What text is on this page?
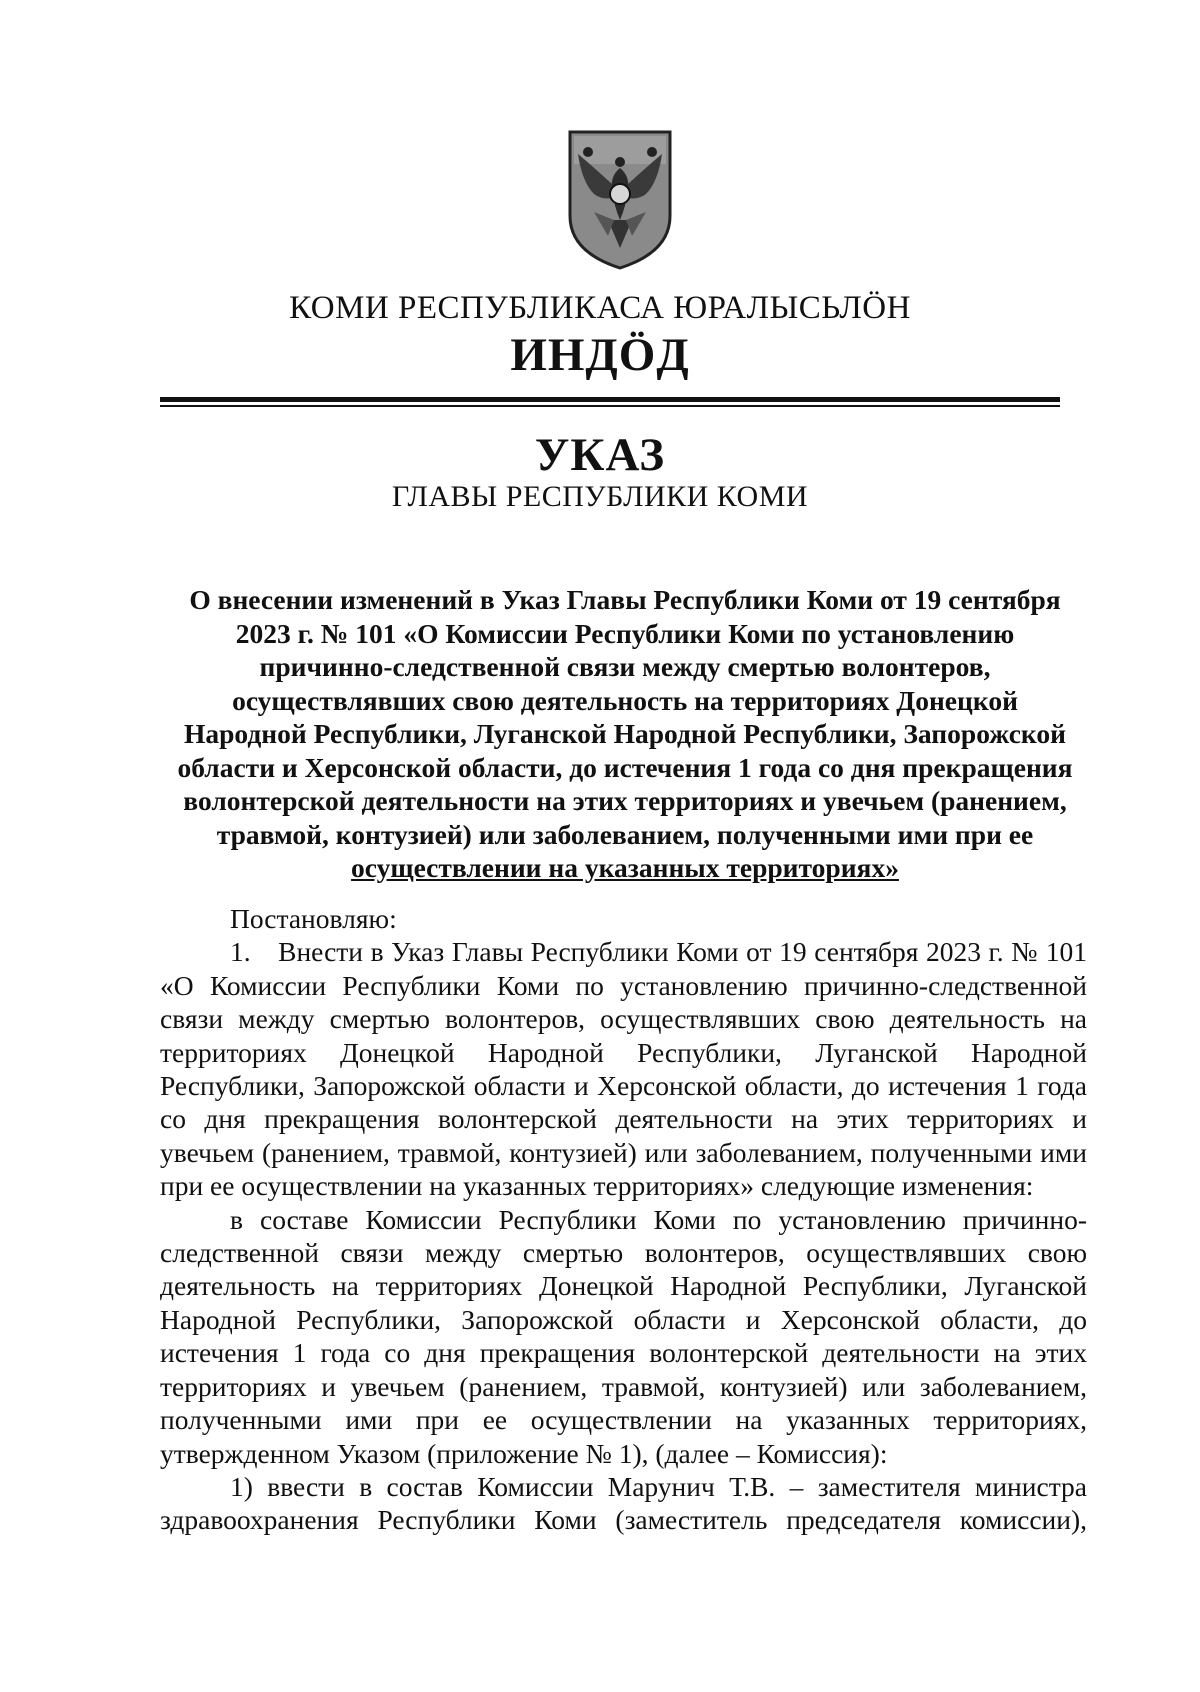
КОМИ РЕСПУБЛИКАСА ЮРАЛЫСЬЛÖН
ИНДÖД
УКАЗ
ГЛАВЫ РЕСПУБЛИКИ КОМИ
О внесении изменений в Указ Главы Республики Коми от 19 сентября
2023 г. № 101 «О Комиссии Республики Коми по установлению
причинно-следственной связи между смертью волонтеров,
осуществлявших свою деятельность на территориях Донецкой
Народной Республики, Луганской Народной Республики, Запорожской
области и Херсонской области, до истечения 1 года со дня прекращения
волонтерской деятельности на этих территориях и увечьем (ранением,
травмой, контузией) или заболеванием, полученными ими при ее
осуществлении на указанных территориях»

Постановляю:

1. Внести в Указ Главы Республики Коми от 19 сентября 2023 г. № 101 «О Комиссии Республики Коми по установлению причинно-следственной связи между смертью волонтеров, осуществлявших свою деятельность на территориях Донецкой Народной Республики, Луганской Народной Республики, Запорожской области и Херсонской области, до истечения 1 года со дня прекращения волонтерской деятельности на этих территориях и увечьем (ранением, травмой, контузией) или заболеванием, полученными ими при ее осуществлении на указанных территориях» следующие изменения:

в составе Комиссии Республики Коми по установлению причинно-следственной связи между смертью волонтеров, осуществлявших свою деятельность на территориях Донецкой Народной Республики, Луганской Народной Республики, Запорожской области и Херсонской области, до истечения 1 года со дня прекращения волонтерской деятельности на этих территориях и увечьем (ранением, травмой, контузией) или заболеванием, полученными ими при ее осуществлении на указанных территориях, утвержденном Указом (приложение № 1), (далее – Комиссия):

1) ввести в состав Комиссии Марунич Т.В. – заместителя министра здравоохранения Республики Коми (заместитель председателя комиссии),
